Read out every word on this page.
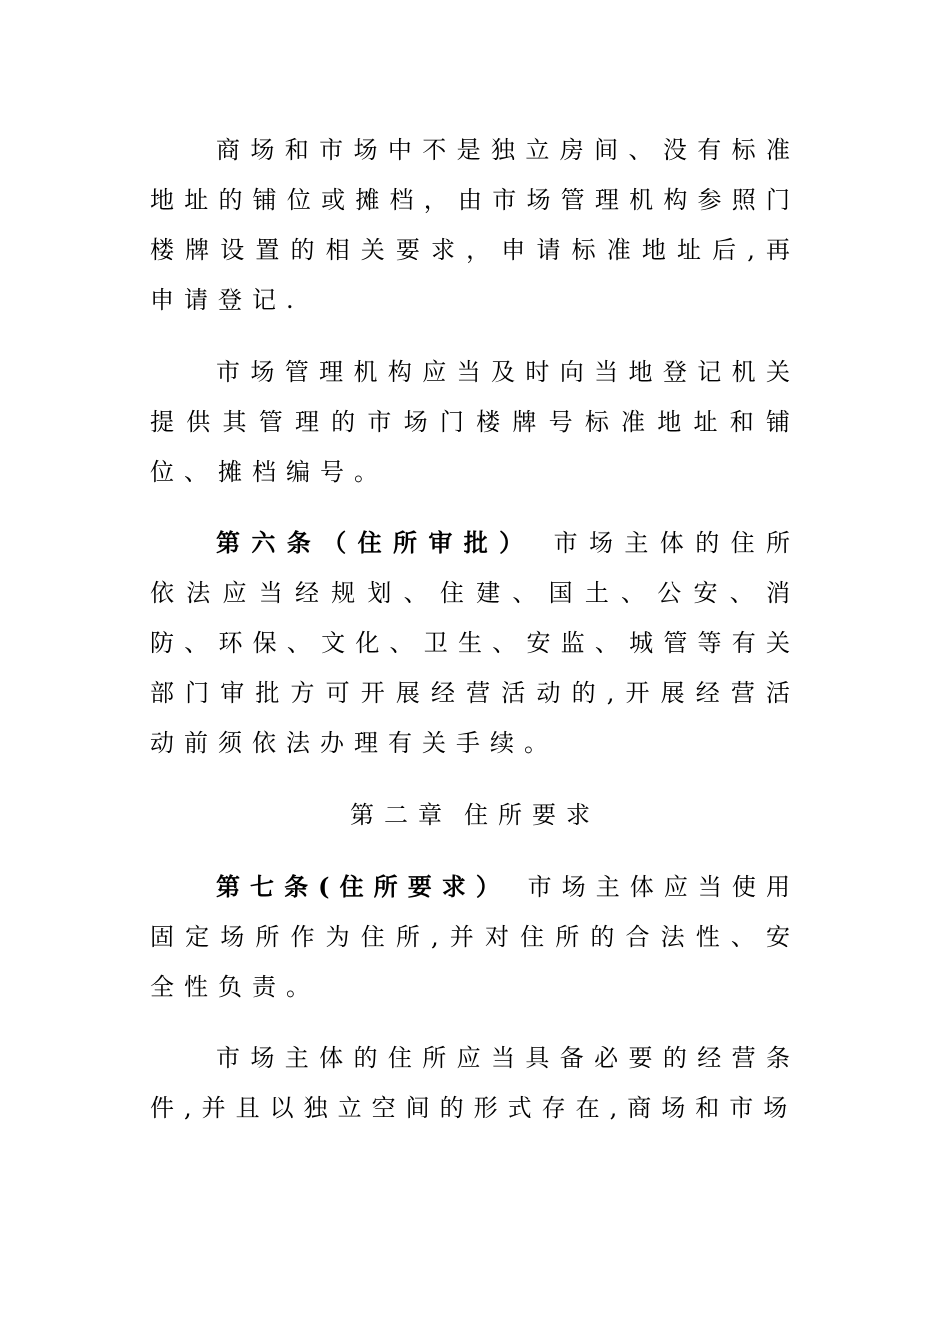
商场和市场中不是独立房间、没有标准地址的铺位或摊档，由市场管理机构参照门楼牌设置的相关要求，申请标准地址后,再申请登记.

市场管理机构应当及时向当地登记机关提供其管理的市场门楼牌号标准地址和铺位、摊档编号。

第六条（住所审批） 市场主体的住所依法应当经规划、住建、国土、公安、消防、环保、文化、卫生、安监、城管等有关部门审批方可开展经营活动的,开展经营活动前须依法办理有关手续。

第二章 住所要求

第七条(住所要求） 市场主体应当使用固定场所作为住所,并对住所的合法性、安全性负责。

市场主体的住所应当具备必要的经营条件,并且以独立空间的形式存在,商场和市场
